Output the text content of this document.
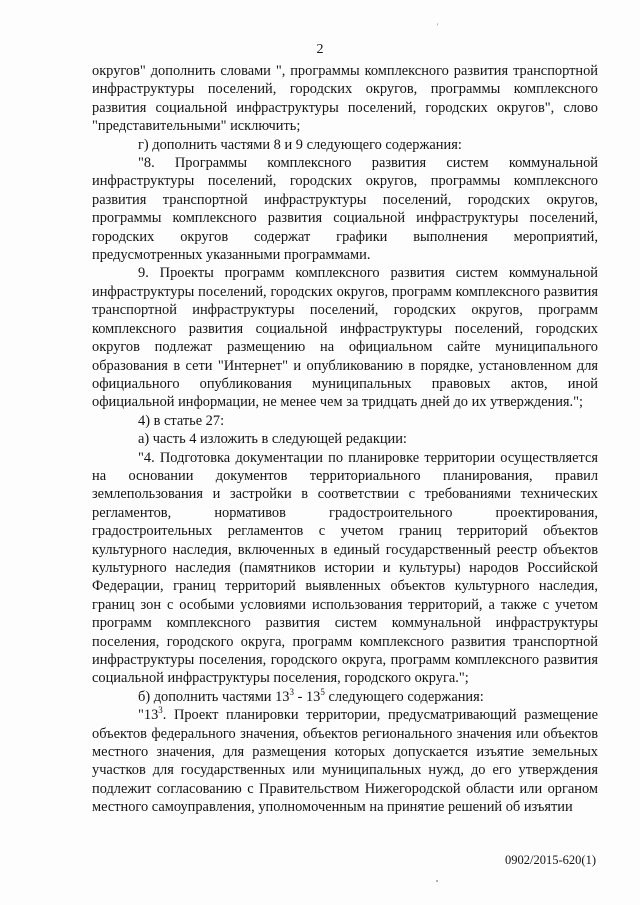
'
2

округов" дополнить словами ", программы комплексного развития транспортной инфраструктуры поселений, городских округов, программы комплексного развития социальной инфраструктуры поселений, городских округов", слово "представительными" исключить;

г) дополнить частями 8 и 9 следующего содержания:

"8. Программы комплексного развития систем коммунальной инфраструктуры поселений, городских округов, программы комплексного развития транспортной инфраструктуры поселений, городских округов, программы комплексного развития социальной инфраструктуры поселений, городских округов содержат графики выполнения мероприятий, предусмотренных указанными программами.

9. Проекты программ комплексного развития систем коммунальной инфраструктуры поселений, городских округов, программ комплексного развития транспортной инфраструктуры поселений, городских округов, программ комплексного развития социальной инфраструктуры поселений, городских округов подлежат размещению на официальном сайте муниципального образования в сети "Интернет" и опубликованию в порядке, установленном для официального опубликования муниципальных правовых актов, иной официальной информации, не менее чем за тридцать дней до их утверждения.";

4) в статье 27:

а) часть 4 изложить в следующей редакции:

"4. Подготовка документации по планировке территории осуществляется на основании документов территориального планирования, правил землепользования и застройки в соответствии с требованиями технических регламентов, нормативов градостроительного проектирования, градостроительных регламентов с учетом границ территорий объектов культурного наследия, включенных в единый государственный реестр объектов культурного наследия (памятников истории и культуры) народов Российской Федерации, границ территорий выявленных объектов культурного наследия, границ зон с особыми условиями использования территорий, а также с учетом программ комплексного развития систем коммунальной инфраструктуры поселения, городского округа, программ комплексного развития транспортной инфраструктуры поселения, городского округа, программ комплексного развития социальной инфраструктуры поселения, городского округа.";

б) дополнить частями $13^3 - 13^5$ следующего содержания:

"$13^3$. Проект планировки территории, предусматривающий размещение объектов федерального значения, объектов регионального значения или объектов местного значения, для размещения которых допускается изъятие земельных участков для государственных или муниципальных нужд, до его утверждения подлежит согласованию с Правительством Нижегородской области или органом местного самоуправления, уполномоченным на принятие решений об изъятии

0902/2015-620(1)
